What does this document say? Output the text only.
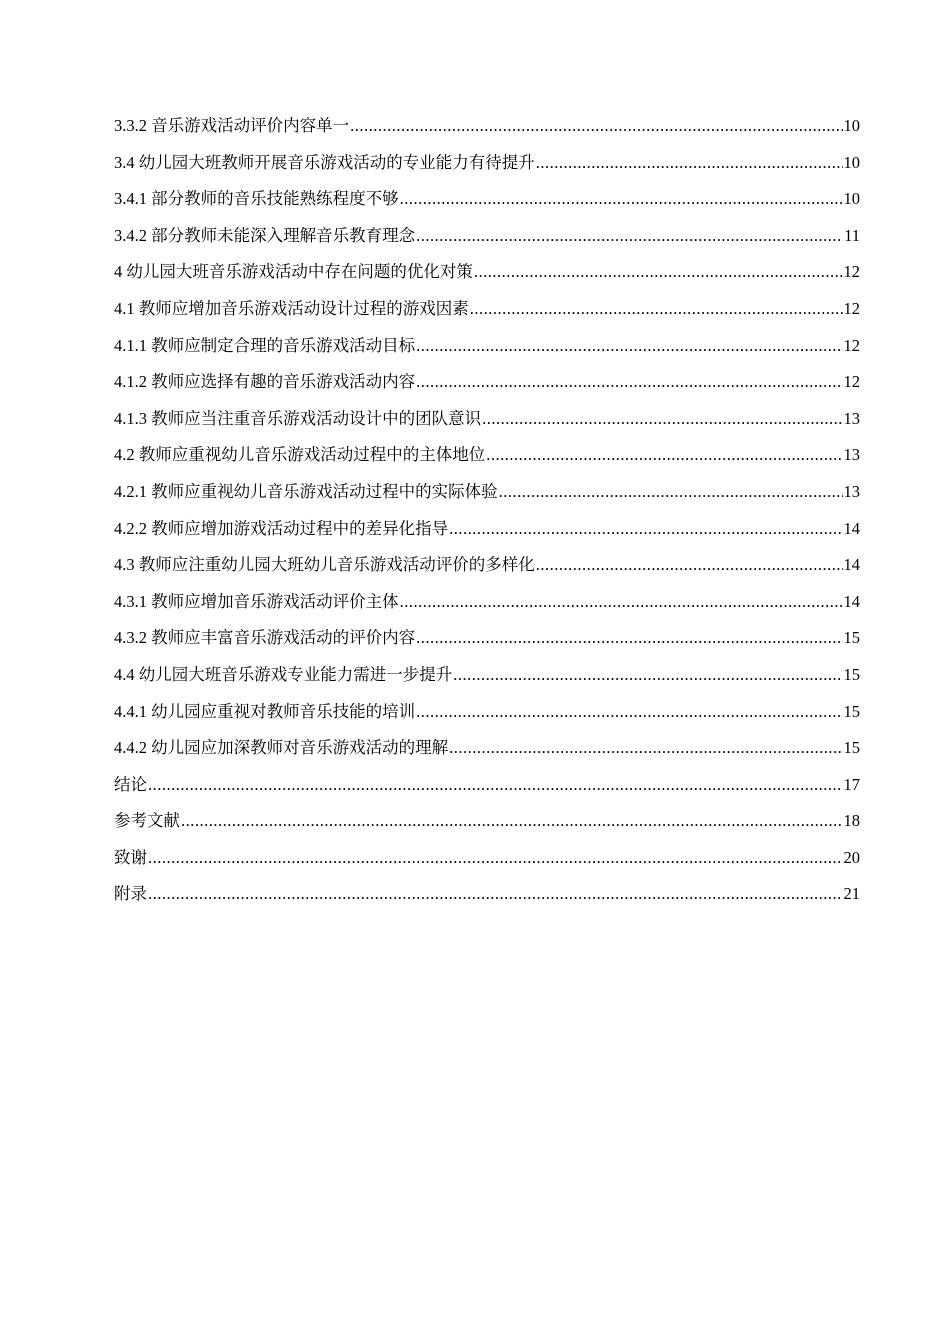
3.3.2 音乐游戏活动评价内容单一 .....	10
3.4 幼儿园大班教师开展音乐游戏活动的专业能力有待提升 .....	10
3.4.1 部分教师的音乐技能熟练程度不够 .....	10
3.4.2 部分教师未能深入理解音乐教育理念 .....	11
4 幼儿园大班音乐游戏活动中存在问题的优化对策 .....	12
4.1 教师应增加音乐游戏活动设计过程的游戏因素 .....	12
4.1.1 教师应制定合理的音乐游戏活动目标 .....	12
4.1.2 教师应选择有趣的音乐游戏活动内容 .....	12
4.1.3 教师应当注重音乐游戏活动设计中的团队意识 .....	13
4.2 教师应重视幼儿音乐游戏活动过程中的主体地位 .....	13
4.2.1 教师应重视幼儿音乐游戏活动过程中的实际体验 .....	13
4.2.2 教师应增加游戏活动过程中的差异化指导 .....	14
4.3 教师应注重幼儿园大班幼儿音乐游戏活动评价的多样化 .....	14
4.3.1 教师应增加音乐游戏活动评价主体 .....	14
4.3.2 教师应丰富音乐游戏活动的评价内容 .....	15
4.4 幼儿园大班音乐游戏专业能力需进一步提升 .....	15
4.4.1 幼儿园应重视对教师音乐技能的培训 .....	15
4.4.2 幼儿园应加深教师对音乐游戏活动的理解 .....	15
结论 .....	17
参考文献 .....	18
致谢 .....	20
附录 .....	21
